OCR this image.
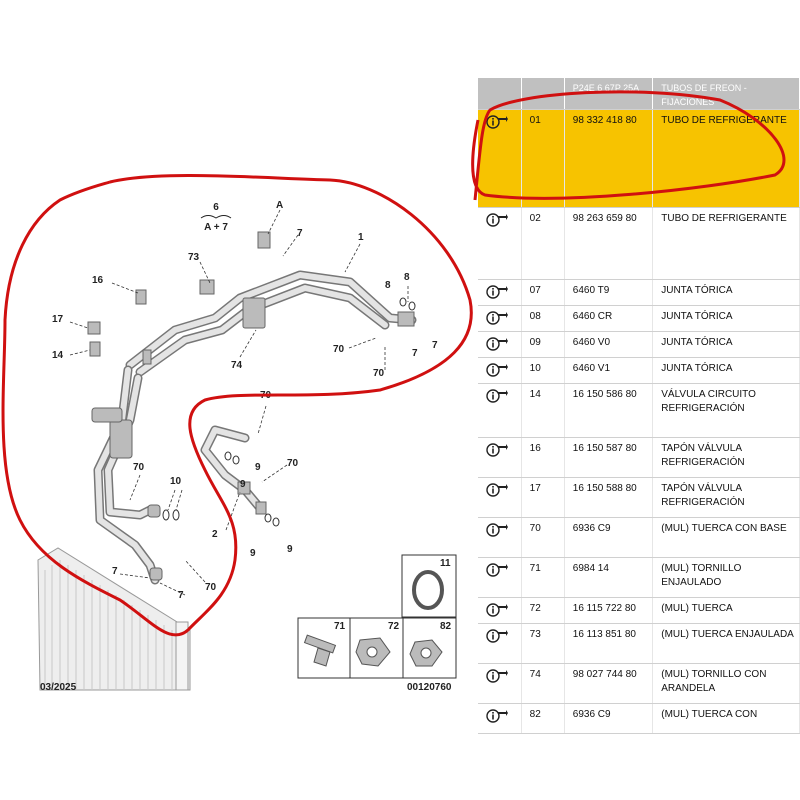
6
A + 7
A
7	1
73
16
17
14
74
8
8
7
7
70
70
70
9
9
70
10
70
2
9	9
7
7
70
11
71	72	82
03/2025	00120760
		P24E 6 67P 25A	TUBOS DE FREON - FIJACIONES

	01	98 332 418 80	TUBO DE REFRIGERANTE

	02	98 263 659 80	TUBO DE REFRIGERANTE

	07	6460 T9	JUNTA TÓRICA

	08	6460 CR	JUNTA TÓRICA

	09	6460 V0	JUNTA TÓRICA

	10	6460 V1	JUNTA TÓRICA

	14	16 150 586 80	VÁLVULA CIRCUITO REFRIGERACIÓN

	16	16 150 587 80	TAPÓN VÁLVULA REFRIGERACIÓN

	17	16 150 588 80	TAPÓN VÁLVULA REFRIGERACIÓN

	70	6936 C9	(MUL) TUERCA CON BASE

	71	6984 14	(MUL) TORNILLO ENJAULADO

	72	16 115 722 80	(MUL) TUERCA

	73	16 113 851 80	(MUL) TUERCA ENJAULADA

	74	98 027 744 80	(MUL) TORNILLO CON ARANDELA

	82	6936 C9	(MUL) TUERCA CON
